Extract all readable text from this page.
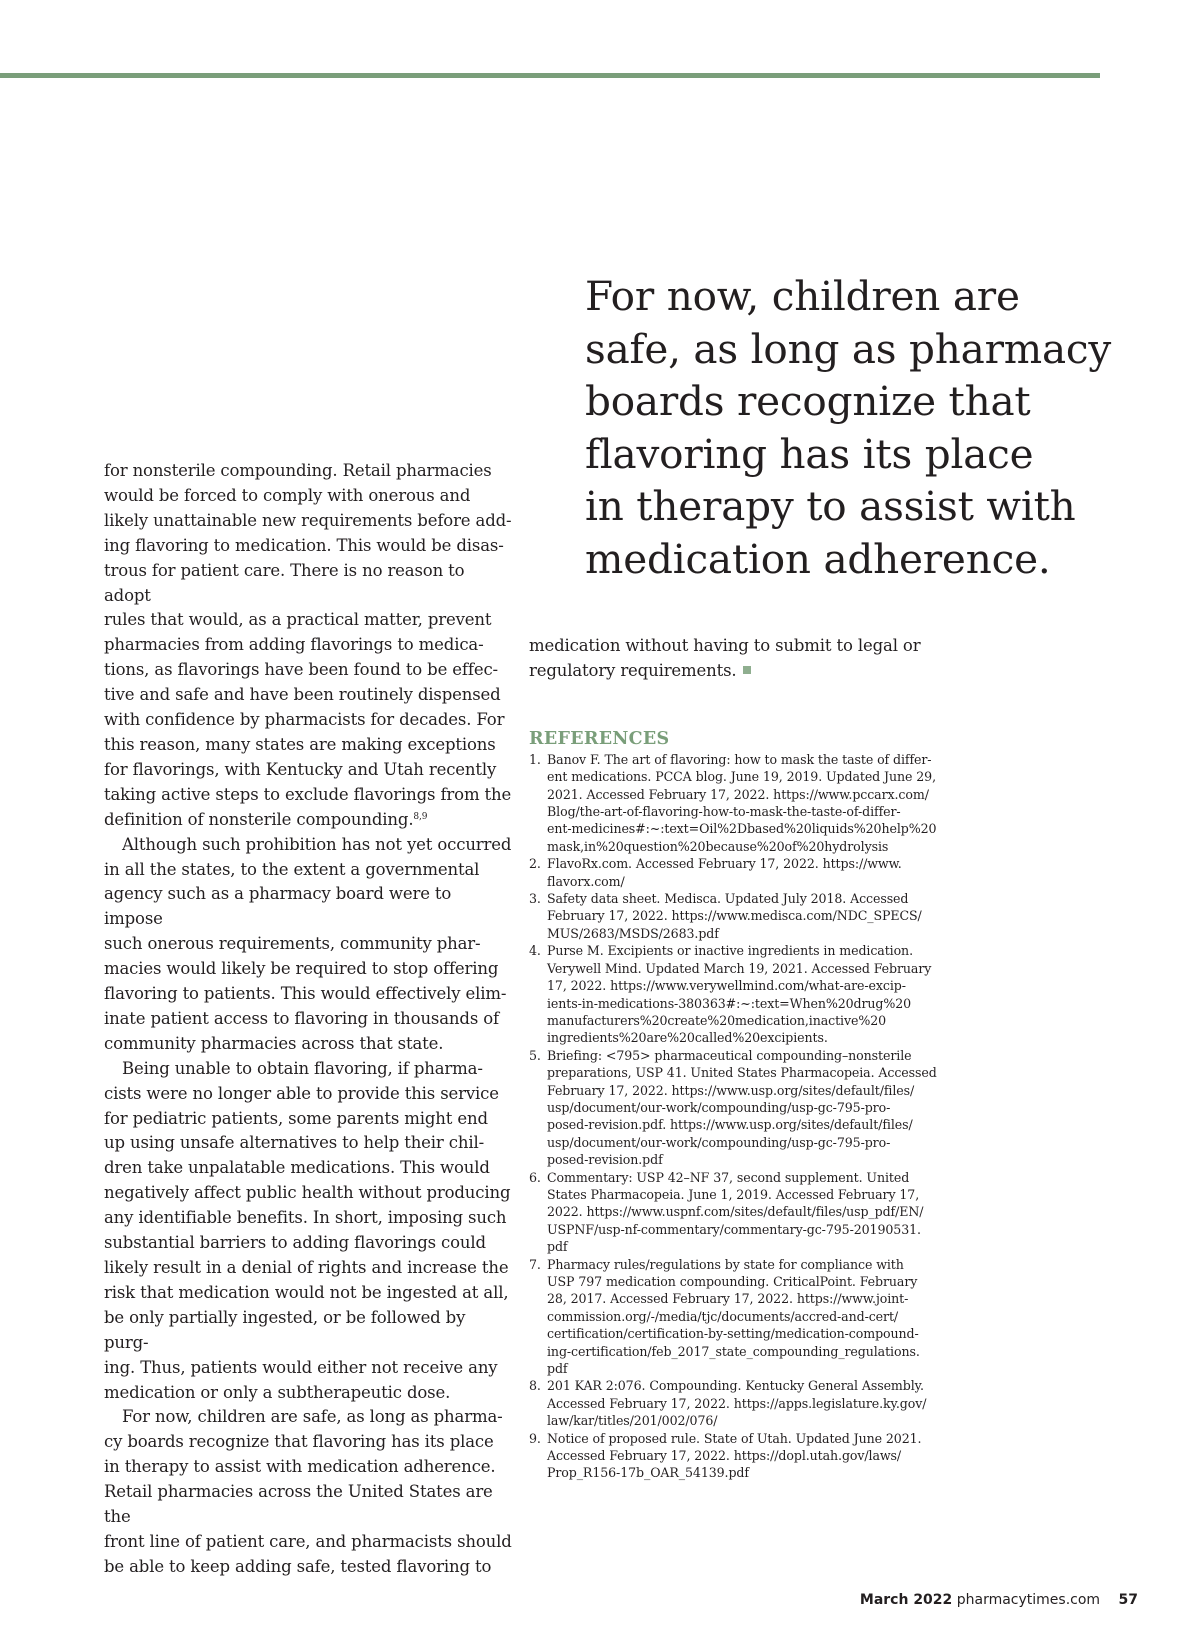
For now, children are
safe, as long as pharmacy
boards recognize that
flavoring has its place
in therapy to assist with
medication adherence.

for nonsterile compounding. Retail pharmacies
would be forced to comply with onerous and
likely unattainable new requirements before add-
ing flavoring to medication. This would be disas-
trous for patient care. There is no reason to adopt
rules that would, as a practical matter, prevent
pharmacies from adding flavorings to medica-
tions, as flavorings have been found to be effec-
tive and safe and have been routinely dispensed
with confidence by pharmacists for decades. For
this reason, many states are making exceptions
for flavorings, with Kentucky and Utah recently
taking active steps to exclude flavorings from the
definition of nonsterile compounding.$^{8,9}$

Although such prohibition has not yet occurred
in all the states, to the extent a governmental
agency such as a pharmacy board were to impose
such onerous requirements, community phar-
macies would likely be required to stop offering
flavoring to patients. This would effectively elim-
inate patient access to flavoring in thousands of
community pharmacies across that state.

Being unable to obtain flavoring, if pharma-
cists were no longer able to provide this service
for pediatric patients, some parents might end
up using unsafe alternatives to help their chil-
dren take unpalatable medications. This would
negatively affect public health without producing
any identifiable benefits. In short, imposing such
substantial barriers to adding flavorings could
likely result in a denial of rights and increase the
risk that medication would not be ingested at all,
be only partially ingested, or be followed by purg-
ing. Thus, patients would either not receive any
medication or only a subtherapeutic dose.

For now, children are safe, as long as pharma-
cy boards recognize that flavoring has its place
in therapy to assist with medication adherence.
Retail pharmacies across the United States are the
front line of patient care, and pharmacists should
be able to keep adding safe, tested flavoring to

medication without having to submit to legal or
regulatory requirements.

REFERENCES
1. Banov F. The art of flavoring: how to mask the taste of differ-
ent medications. PCCA blog. June 19, 2019. Updated June 29,
2021. Accessed February 17, 2022. https://www.pccarx.com/
Blog/the-art-of-flavoring-how-to-mask-the-taste-of-differ-
ent-medicines#:~:text=Oil%2Dbased%20liquids%20help%20
mask,in%20question%20because%20of%20hydrolysis
2. FlavoRx.com. Accessed February 17, 2022. https://www.
flavorx.com/
3. Safety data sheet. Medisca. Updated July 2018. Accessed
February 17, 2022. https://www.medisca.com/NDC_SPECS/
MUS/2683/MSDS/2683.pdf
4. Purse M. Excipients or inactive ingredients in medication.
Verywell Mind. Updated March 19, 2021. Accessed February
17, 2022. https://www.verywellmind.com/what-are-excip-
ients-in-medications-380363#:~:text=When%20drug%20
manufacturers%20create%20medication,inactive%20
ingredients%20are%20called%20excipients.
5. Briefing: <795> pharmaceutical compounding–nonsterile
preparations, USP 41. United States Pharmacopeia. Accessed
February 17, 2022. https://www.usp.org/sites/default/files/
usp/document/our-work/compounding/usp-gc-795-pro-
posed-revision.pdf. https://www.usp.org/sites/default/files/
usp/document/our-work/compounding/usp-gc-795-pro-
posed-revision.pdf
6. Commentary: USP 42–NF 37, second supplement. United
States Pharmacopeia. June 1, 2019. Accessed February 17,
2022. https://www.uspnf.com/sites/default/files/usp_pdf/EN/
USPNF/usp-nf-commentary/commentary-gc-795-20190531.
pdf
7. Pharmacy rules/regulations by state for compliance with
USP 797 medication compounding. CriticalPoint. February
28, 2017. Accessed February 17, 2022. https://www.joint-
commission.org/-/media/tjc/documents/accred-and-cert/
certification/certification-by-setting/medication-compound-
ing-certification/feb_2017_state_compounding_regulations.
pdf
8. 201 KAR 2:076. Compounding. Kentucky General Assembly.
Accessed February 17, 2022. https://apps.legislature.ky.gov/
law/kar/titles/201/002/076/
9. Notice of proposed rule. State of Utah. Updated June 2021.
Accessed February 17, 2022. https://dopl.utah.gov/laws/
Prop_R156-17b_OAR_54139.pdf
March 2022 pharmacytimes.com 57
